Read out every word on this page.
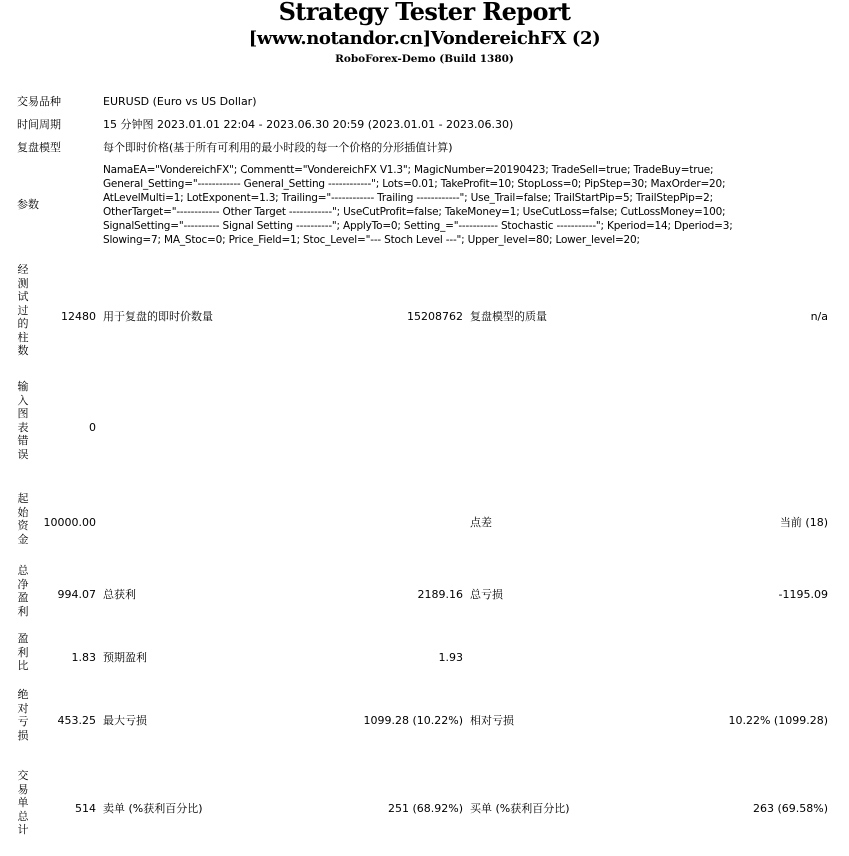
Strategy Tester Report
[www.notandor.cn]VondereichFX (2)
RoboForex-Demo (Build 1380)
交易品种	EURUSD (Euro vs US Dollar)
时间周期	15 分钟图 2023.01.01 22:04 - 2023.06.30 20:59 (2023.01.01 - 2023.06.30)
复盘模型	每个即时价格(基于所有可利用的最小时段的每一个价格的分形插值计算)
参数
NamaEA="VondereichFX"; Commentt="VondereichFX V1.3"; MagicNumber=20190423; TradeSell=true; TradeBuy=true;
General_Setting="------------ General_Setting ------------"; Lots=0.01; TakeProfit=10; StopLoss=0; PipStep=30; MaxOrder=20;
AtLevelMulti=1; LotExponent=1.3; Trailing="------------ Trailing ------------"; Use_Trail=false; TrailStartPip=5; TrailStepPip=2;
OtherTarget="------------ Other Target ------------"; UseCutProfit=false; TakeMoney=1; UseCutLoss=false; CutLossMoney=100;
SignalSetting="---------- Signal Setting ----------"; ApplyTo=0; Setting_="----------- Stochastic -----------"; Kperiod=14; Dperiod=3;
Slowing=7; MA_Stoc=0; Price_Field=1; Stoc_Level="--- Stoch Level ---"; Upper_level=80; Lower_level=20;
经
测
试
过
的
柱
数
12480 用于复盘的即时价数量	15208762 复盘模型的质量	n/a
输
入
图
表
错
误
0
起
始
资
金
10000.00	点差	当前 (18)
总
净
盈
利
994.07 总获利	2189.16 总亏损	-1195.09
盈
利
比
1.83 预期盈利	1.93
绝
对
亏
损
453.25 最大亏损	1099.28 (10.22%) 相对亏损	10.22% (1099.28)
交
易
单
总
计
514 卖单 (%获利百分比)	251 (68.92%) 买单 (%获利百分比)	263 (69.58%)
